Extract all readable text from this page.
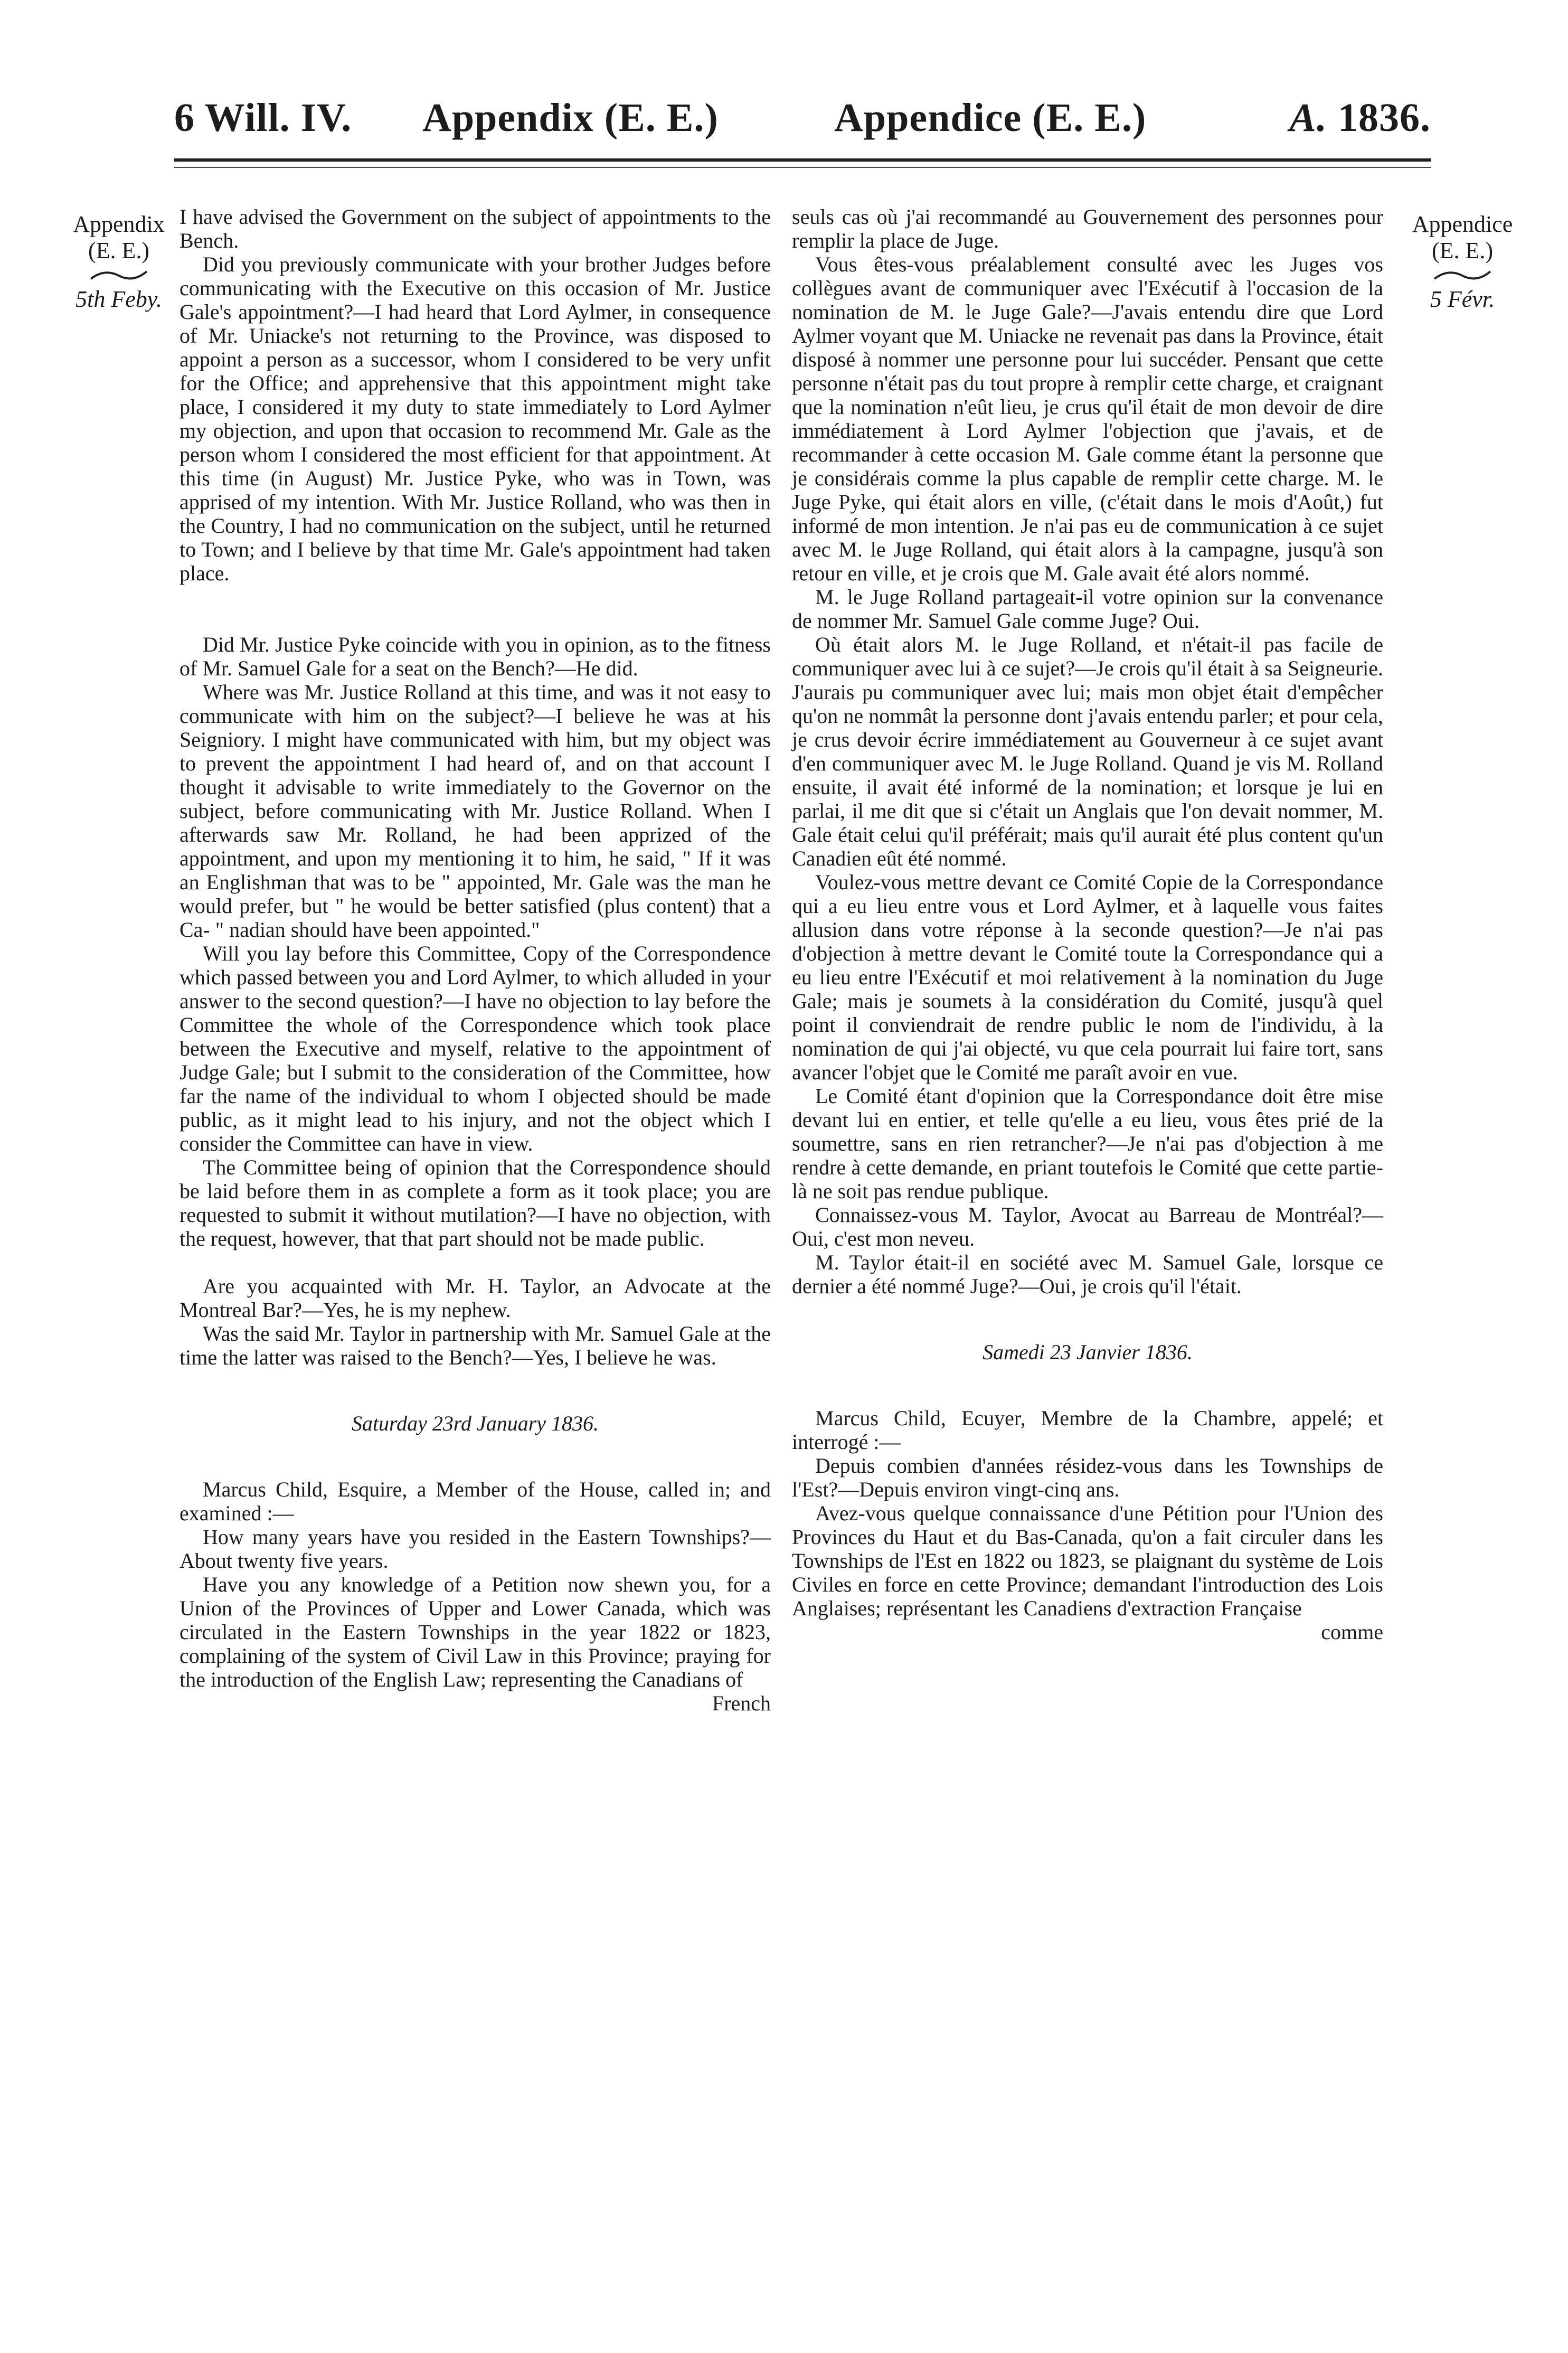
6 Will. IV. Appendix (E. E.)	Appendice (E. E.)	A. 1836.
Appendix
(E. E.)
5th Feby.
Appendice
(E. E.)
5 Févr.

I have advised the Government on the subject of appointments to the Bench.

Did you previously communicate with your brother Judges before communicating with the Executive on this occasion of Mr. Justice Gale's appointment?—I had heard that Lord Aylmer, in consequence of Mr. Uniacke's not returning to the Province, was disposed to appoint a person as a successor, whom I considered to be very unfit for the Office; and apprehensive that this appointment might take place, I considered it my duty to state immediately to Lord Aylmer my objection, and upon that occasion to recommend Mr. Gale as the person whom I considered the most efficient for that appointment. At this time (in August) Mr. Justice Pyke, who was in Town, was apprised of my intention. With Mr. Justice Rolland, who was then in the Country, I had no communication on the subject, until he returned to Town; and I believe by that time Mr. Gale's appointment had taken place.

Did Mr. Justice Pyke coincide with you in opinion, as to the fitness of Mr. Samuel Gale for a seat on the Bench?—He did.

Where was Mr. Justice Rolland at this time, and was it not easy to communicate with him on the subject?—I believe he was at his Seigniory. I might have communicated with him, but my object was to prevent the appointment I had heard of, and on that account I thought it advisable to write immediately to the Governor on the subject, before communicating with Mr. Justice Rolland. When I afterwards saw Mr. Rolland, he had been apprized of the appointment, and upon my mentioning it to him, he said, " If it was an Englishman that was to be " appointed, Mr. Gale was the man he would prefer, but " he would be better satisfied (plus content) that a Ca- " nadian should have been appointed."

Will you lay before this Committee, Copy of the Correspondence which passed between you and Lord Aylmer, to which alluded in your answer to the second question?—I have no objection to lay before the Committee the whole of the Correspondence which took place between the Executive and myself, relative to the appointment of Judge Gale; but I submit to the consideration of the Committee, how far the name of the individual to whom I objected should be made public, as it might lead to his injury, and not the object which I consider the Committee can have in view.

The Committee being of opinion that the Correspondence should be laid before them in as complete a form as it took place; you are requested to submit it without mutilation?—I have no objection, with the request, however, that that part should not be made public.

Are you acquainted with Mr. H. Taylor, an Advocate at the Montreal Bar?—Yes, he is my nephew.

Was the said Mr. Taylor in partnership with Mr. Samuel Gale at the time the latter was raised to the Bench?—Yes, I believe he was.

Saturday 23rd January 1836.

Marcus Child, Esquire, a Member of the House, called in; and examined :—

How many years have you resided in the Eastern Townships?—About twenty five years.

Have you any knowledge of a Petition now shewn you, for a Union of the Provinces of Upper and Lower Canada, which was circulated in the Eastern Townships in the year 1822 or 1823, complaining of the system of Civil Law in this Province; praying for the introduction of the English Law; representing the Canadians of

French

seuls cas où j'ai recommandé au Gouvernement des personnes pour remplir la place de Juge.

Vous êtes-vous préalablement consulté avec les Juges vos collègues avant de communiquer avec l'Exécutif à l'occasion de la nomination de M. le Juge Gale?—J'avais entendu dire que Lord Aylmer voyant que M. Uniacke ne revenait pas dans la Province, était disposé à nommer une personne pour lui succéder. Pensant que cette personne n'était pas du tout propre à remplir cette charge, et craignant que la nomination n'eût lieu, je crus qu'il était de mon devoir de dire immédiatement à Lord Aylmer l'objection que j'avais, et de recommander à cette occasion M. Gale comme étant la personne que je considérais comme la plus capable de remplir cette charge. M. le Juge Pyke, qui était alors en ville, (c'était dans le mois d'Août,) fut informé de mon intention. Je n'ai pas eu de communication à ce sujet avec M. le Juge Rolland, qui était alors à la campagne, jusqu'à son retour en ville, et je crois que M. Gale avait été alors nommé.

M. le Juge Rolland partageait-il votre opinion sur la convenance de nommer Mr. Samuel Gale comme Juge? Oui.

Où était alors M. le Juge Rolland, et n'était-il pas facile de communiquer avec lui à ce sujet?—Je crois qu'il était à sa Seigneurie. J'aurais pu communiquer avec lui; mais mon objet était d'empêcher qu'on ne nommât la personne dont j'avais entendu parler; et pour cela, je crus devoir écrire immédiatement au Gouverneur à ce sujet avant d'en communiquer avec M. le Juge Rolland. Quand je vis M. Rolland ensuite, il avait été informé de la nomination; et lorsque je lui en parlai, il me dit que si c'était un Anglais que l'on devait nommer, M. Gale était celui qu'il préférait; mais qu'il aurait été plus content qu'un Canadien eût été nommé.

Voulez-vous mettre devant ce Comité Copie de la Correspondance qui a eu lieu entre vous et Lord Aylmer, et à laquelle vous faites allusion dans votre réponse à la seconde question?—Je n'ai pas d'objection à mettre devant le Comité toute la Correspondance qui a eu lieu entre l'Exécutif et moi relativement à la nomination du Juge Gale; mais je soumets à la considération du Comité, jusqu'à quel point il conviendrait de rendre public le nom de l'individu, à la nomination de qui j'ai objecté, vu que cela pourrait lui faire tort, sans avancer l'objet que le Comité me paraît avoir en vue.

Le Comité étant d'opinion que la Correspondance doit être mise devant lui en entier, et telle qu'elle a eu lieu, vous êtes prié de la soumettre, sans en rien retrancher?—Je n'ai pas d'objection à me rendre à cette demande, en priant toutefois le Comité que cette partie-là ne soit pas rendue publique.

Connaissez-vous M. Taylor, Avocat au Barreau de Montréal?—Oui, c'est mon neveu.

M. Taylor était-il en société avec M. Samuel Gale, lorsque ce dernier a été nommé Juge?—Oui, je crois qu'il l'était.

Samedi 23 Janvier 1836.

Marcus Child, Ecuyer, Membre de la Chambre, appelé; et interrogé :—

Depuis combien d'années résidez-vous dans les Townships de l'Est?—Depuis environ vingt-cinq ans.

Avez-vous quelque connaissance d'une Pétition pour l'Union des Provinces du Haut et du Bas-Canada, qu'on a fait circuler dans les Townships de l'Est en 1822 ou 1823, se plaignant du système de Lois Civiles en force en cette Province; demandant l'introduction des Lois Anglaises; représentant les Canadiens d'extraction Française

comme
